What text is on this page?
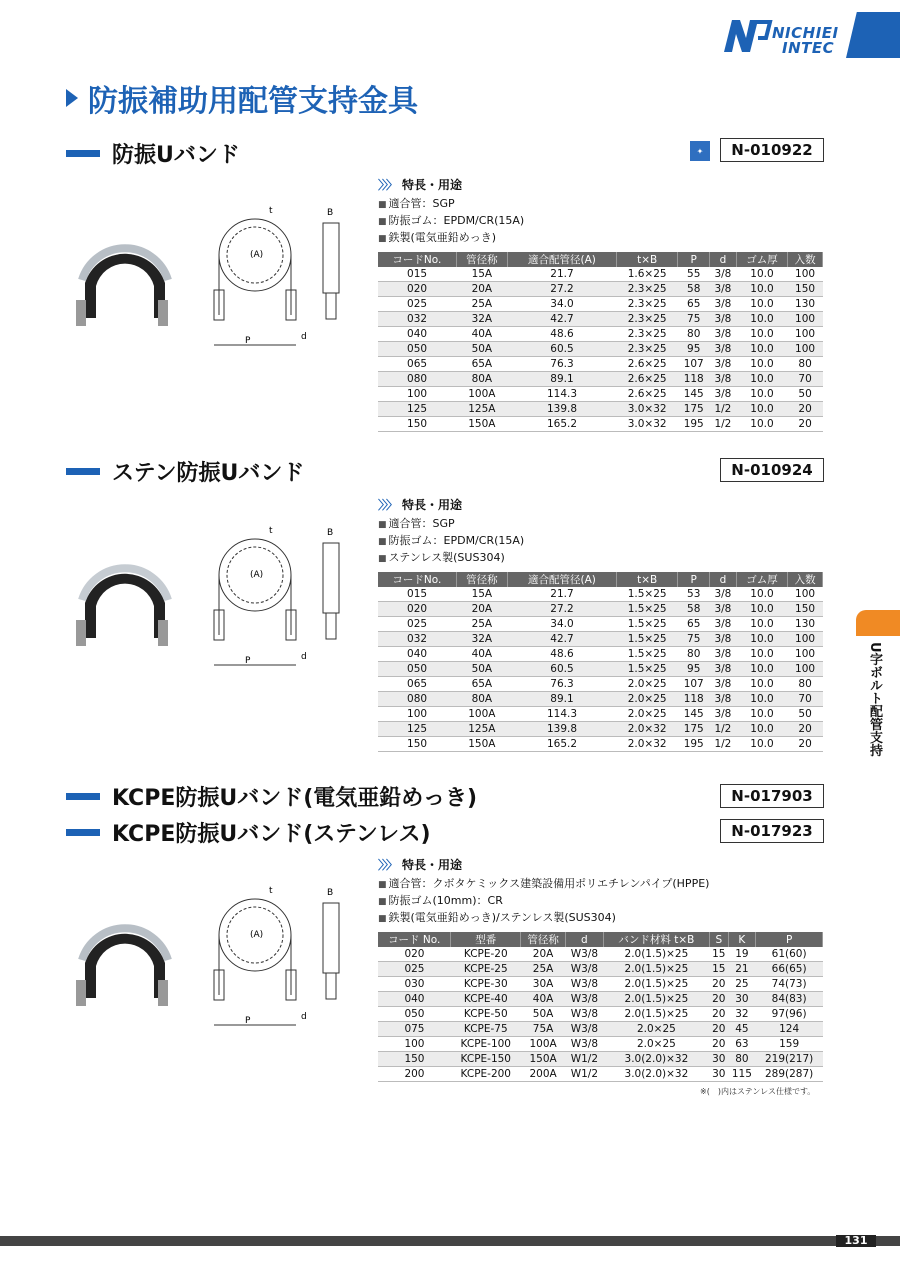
NICHIEI
INTEC
防振補助用配管支持金具
防振Uバンド	✦	N-010922
(A)
t
P	d
B
〉〉〉 特長・用途
■ 適合管：SGP
■ 防振ゴム：EPDM/CR(15A)
■ 鉄製(電気亜鉛めっき)
コードNo.	管径称	適合配管径(A)	t×B	P	d	ゴム厚	入数
015	15A	21.7	1.6×25	55	3/8	10.0	100
020	20A	27.2	2.3×25	58	3/8	10.0	150
025	25A	34.0	2.3×25	65	3/8	10.0	130
032	32A	42.7	2.3×25	75	3/8	10.0	100
040	40A	48.6	2.3×25	80	3/8	10.0	100
050	50A	60.5	2.3×25	95	3/8	10.0	100
065	65A	76.3	2.6×25	107	3/8	10.0	80
080	80A	89.1	2.6×25	118	3/8	10.0	70
100	100A	114.3	2.6×25	145	3/8	10.0	50
125	125A	139.8	3.0×32	175	1/2	10.0	20
150	150A	165.2	3.0×32	195	1/2	10.0	20
ステン防振Uバンド	N-010924
(A)
t
P	d
B
〉〉〉 特長・用途
■ 適合管：SGP
■ 防振ゴム：EPDM/CR(15A)
■ ステンレス製(SUS304)
コードNo.	管径称	適合配管径(A)	t×B	P	d	ゴム厚	入数
015	15A	21.7	1.5×25	53	3/8	10.0	100
020	20A	27.2	1.5×25	58	3/8	10.0	150
025	25A	34.0	1.5×25	65	3/8	10.0	130
032	32A	42.7	1.5×25	75	3/8	10.0	100
040	40A	48.6	1.5×25	80	3/8	10.0	100
050	50A	60.5	1.5×25	95	3/8	10.0	100
065	65A	76.3	2.0×25	107	3/8	10.0	80
080	80A	89.1	2.0×25	118	3/8	10.0	70
100	100A	114.3	2.0×25	145	3/8	10.0	50
125	125A	139.8	2.0×32	175	1/2	10.0	20
150	150A	165.2	2.0×32	195	1/2	10.0	20
KCPE防振Uバンド(電気亜鉛めっき)	N-017903
KCPE防振Uバンド(ステンレス)	N-017923
(A)
t
P	d
B
〉〉〉 特長・用途
■ 適合管：クボタケミックス建築設備用ポリエチレンパイプ(HPPE)
■ 防振ゴム(10mm)：CR
■ 鉄製(電気亜鉛めっき)/ステンレス製(SUS304)
コード No.	型番	管径称	d	バンド材料 t×B	S	K	P
020	KCPE-20	20A	W3/8	2.0(1.5)×25	15	19	61(60)
025	KCPE-25	25A	W3/8	2.0(1.5)×25	15	21	66(65)
030	KCPE-30	30A	W3/8	2.0(1.5)×25	20	25	74(73)
040	KCPE-40	40A	W3/8	2.0(1.5)×25	20	30	84(83)
050	KCPE-50	50A	W3/8	2.0(1.5)×25	20	32	97(96)
075	KCPE-75	75A	W3/8	2.0×25	20	45	124
100	KCPE-100	100A	W3/8	2.0×25	20	63	159
150	KCPE-150	150A	W1/2	3.0(2.0)×32	30	80	219(217)
200	KCPE-200	200A	W1/2	3.0(2.0)×32	30	115	289(287)
※(　)内はステンレス仕様です。
U字ボルト配管支持
131
